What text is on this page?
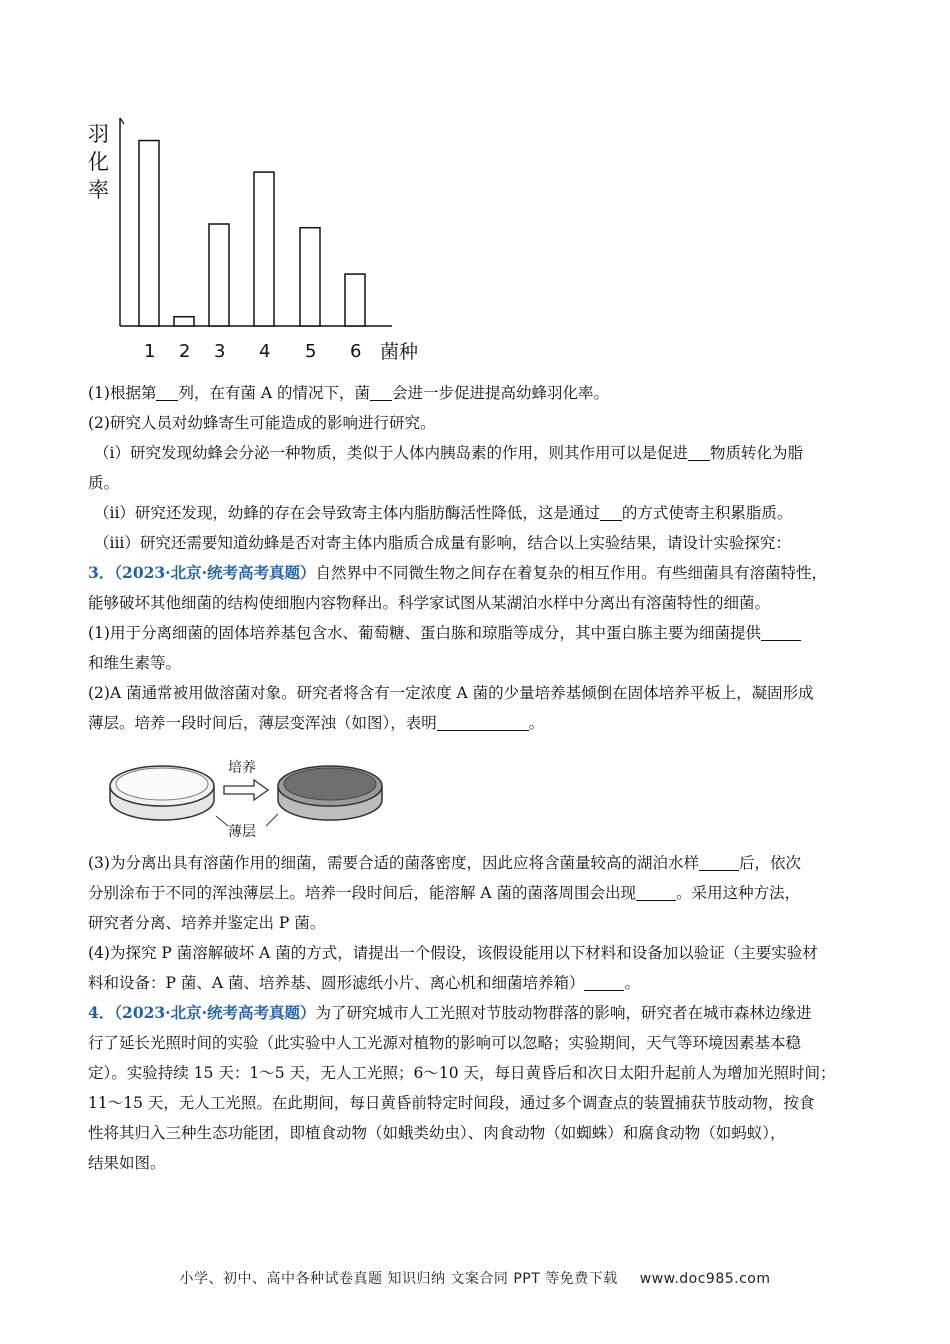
羽
化
率
1 2 3 4 5 6 菌种

(1)根据第 列，在有菌 A 的情况下，菌 会进一步促进提高幼蜂羽化率。

(2)研究人员对幼蜂寄生可能造成的影响进行研究。

（i）研究发现幼蜂会分泌一种物质，类似于人体内胰岛素的作用，则其作用可以是促进 物质转化为脂

质。

（ii）研究还发现，幼蜂的存在会导致寄主体内脂肪酶活性降低，这是通过 的方式使寄主积累脂质。

（iii）研究还需要知道幼蜂是否对寄主体内脂质合成量有影响，结合以上实验结果，请设计实验探究：

3．（2023·北京·统考高考真题）自然界中不同微生物之间存在着复杂的相互作用。有些细菌具有溶菌特性，

能够破坏其他细菌的结构使细胞内容物释出。科学家试图从某湖泊水样中分离出有溶菌特性的细菌。

(1)用于分离细菌的固体培养基包含水、葡萄糖、蛋白胨和琼脂等成分，其中蛋白胨主要为细菌提供

和维生素等。

(2)A 菌通常被用做溶菌对象。研究者将含有一定浓度 A 菌的少量培养基倾倒在固体培养平板上，凝固形成

薄层。培养一段时间后，薄层变浑浊（如图），表明	。

培养
薄层

(3)为分离出具有溶菌作用的细菌，需要合适的菌落密度，因此应将含菌量较高的湖泊水样	后，依次

分别涂布于不同的浑浊薄层上。培养一段时间后，能溶解 A 菌的菌落周围会出现	。采用这种方法，

研究者分离、培养并鉴定出 P 菌。

(4)为探究 P 菌溶解破坏 A 菌的方式，请提出一个假设，该假设能用以下材料和设备加以验证（主要实验材

料和设备：P 菌、A 菌、培养基、圆形滤纸小片、离心机和细菌培养箱）	。

4．（2023·北京·统考高考真题）为了研究城市人工光照对节肢动物群落的影响，研究者在城市森林边缘进

行了延长光照时间的实验（此实验中人工光源对植物的影响可以忽略；实验期间，天气等环境因素基本稳

定）。实验持续 15 天：1～5 天，无人工光照；6～10 天，每日黄昏后和次日太阳升起前人为增加光照时间；

11～15 天，无人工光照。在此期间，每日黄昏前特定时间段，通过多个调查点的装置捕获节肢动物，按食

性将其归入三种生态功能团，即植食动物（如蛾类幼虫）、肉食动物（如蜘蛛）和腐食动物（如蚂蚁），

结果如图。

小学、初中、高中各种试卷真题 知识归纳 文案合同 PPT 等免费下载 www.doc985.com
